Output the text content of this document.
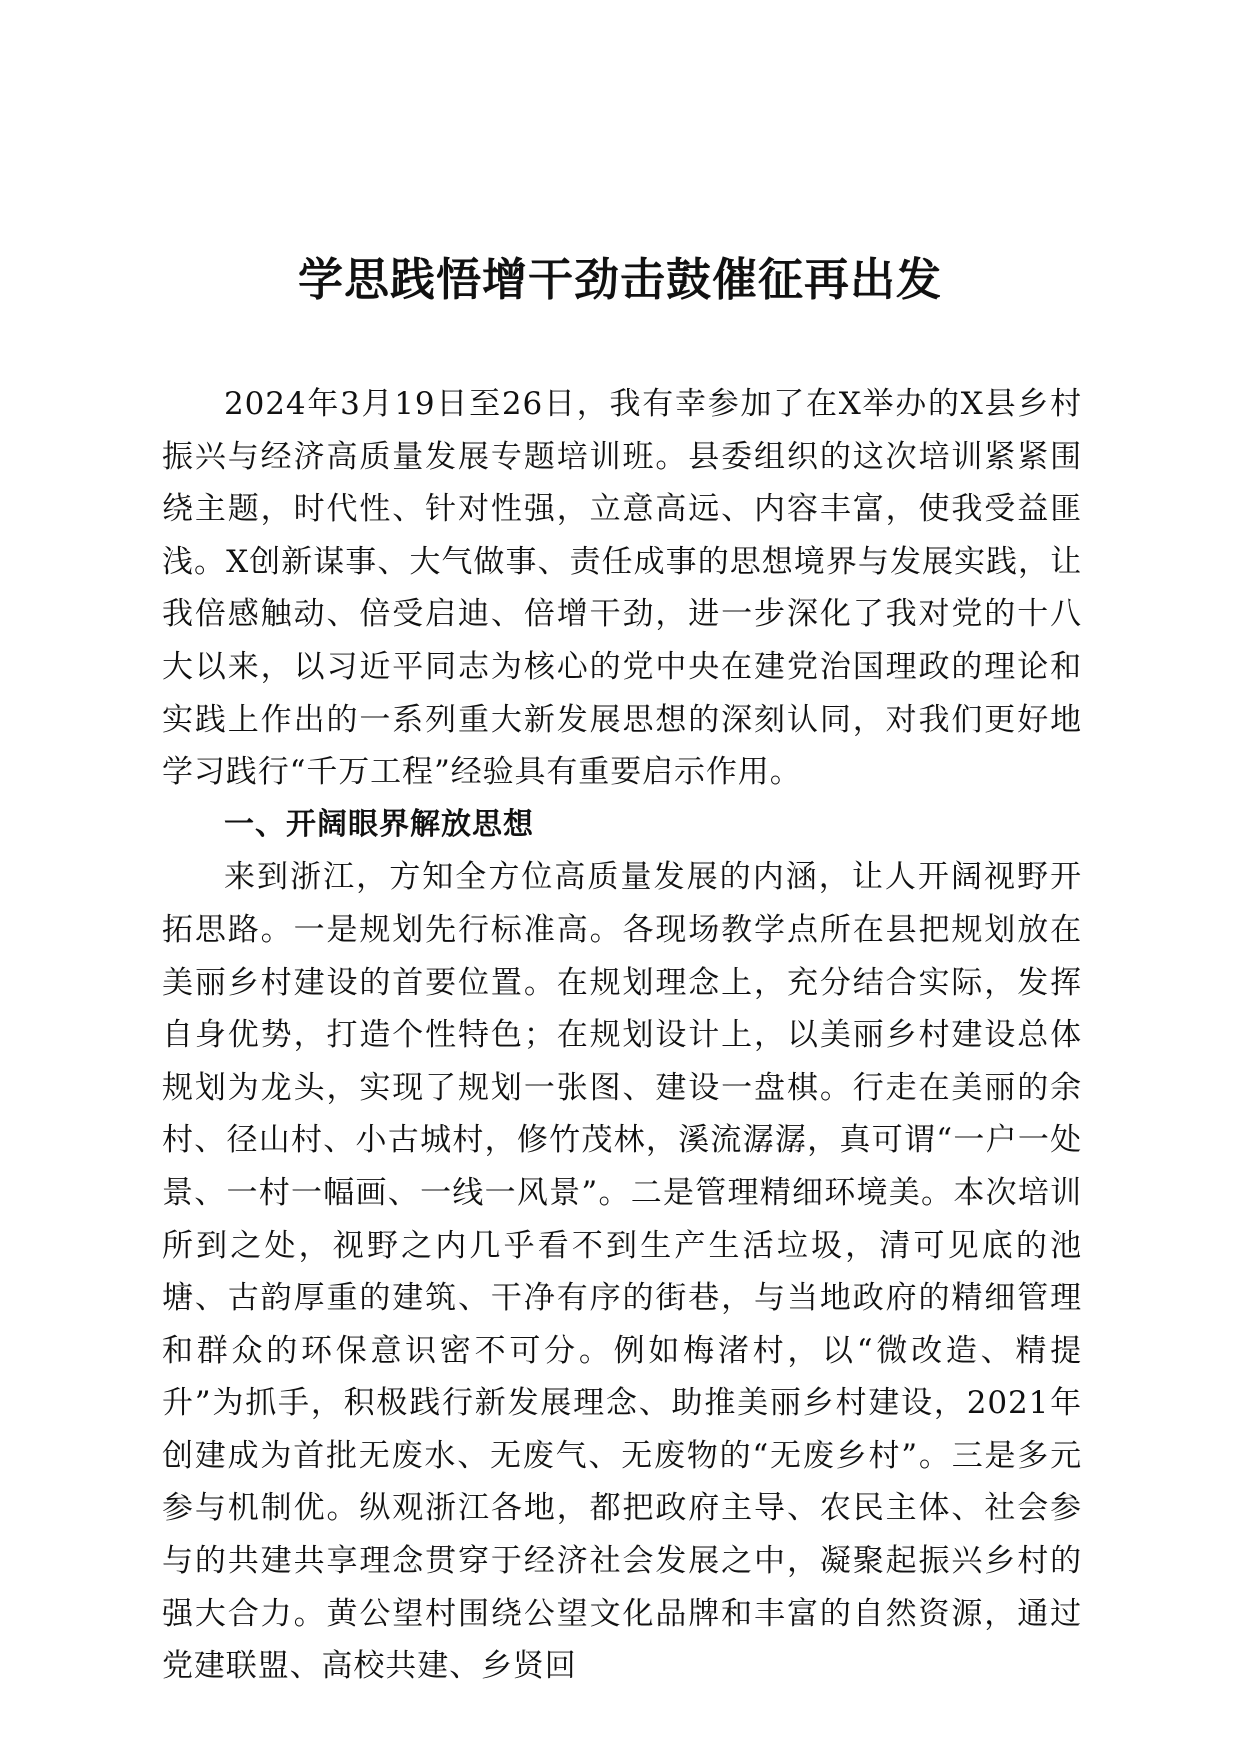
学思践悟增干劲击鼓催征再出发

2024年3月19日至26日，我有幸参加了在X举办的X县乡村振兴与经济高质量发展专题培训班。县委组织的这次培训紧紧围绕主题，时代性、针对性强，立意高远、内容丰富，使我受益匪浅。X创新谋事、大气做事、责任成事的思想境界与发展实践，让我倍感触动、倍受启迪、倍增干劲，进一步深化了我对党的十八大以来，以习近平同志为核心的党中央在建党治国理政的理论和实践上作出的一系列重大新发展思想的深刻认同，对我们更好地学习践行“千万工程”经验具有重要启示作用。

一、开阔眼界解放思想

来到浙江，方知全方位高质量发展的内涵，让人开阔视野开拓思路。一是规划先行标准高。各现场教学点所在县把规划放在美丽乡村建设的首要位置。在规划理念上，充分结合实际，发挥自身优势，打造个性特色；在规划设计上，以美丽乡村建设总体规划为龙头，实现了规划一张图、建设一盘棋。行走在美丽的余村、径山村、小古城村，修竹茂林，溪流潺潺，真可谓“一户一处景、一村一幅画、一线一风景”。二是管理精细环境美。本次培训所到之处，视野之内几乎看不到生产生活垃圾，清可见底的池塘、古韵厚重的建筑、干净有序的街巷，与当地政府的精细管理和群众的环保意识密不可分。例如梅渚村，以“微改造、精提升”为抓手，积极践行新发展理念、助推美丽乡村建设，2021年创建成为首批无废水、无废气、无废物的“无废乡村”。三是多元参与机制优。纵观浙江各地，都把政府主导、农民主体、社会参与的共建共享理念贯穿于经济社会发展之中，凝聚起振兴乡村的强大合力。黄公望村围绕公望文化品牌和丰富的自然资源，通过党建联盟、高校共建、乡贤回
